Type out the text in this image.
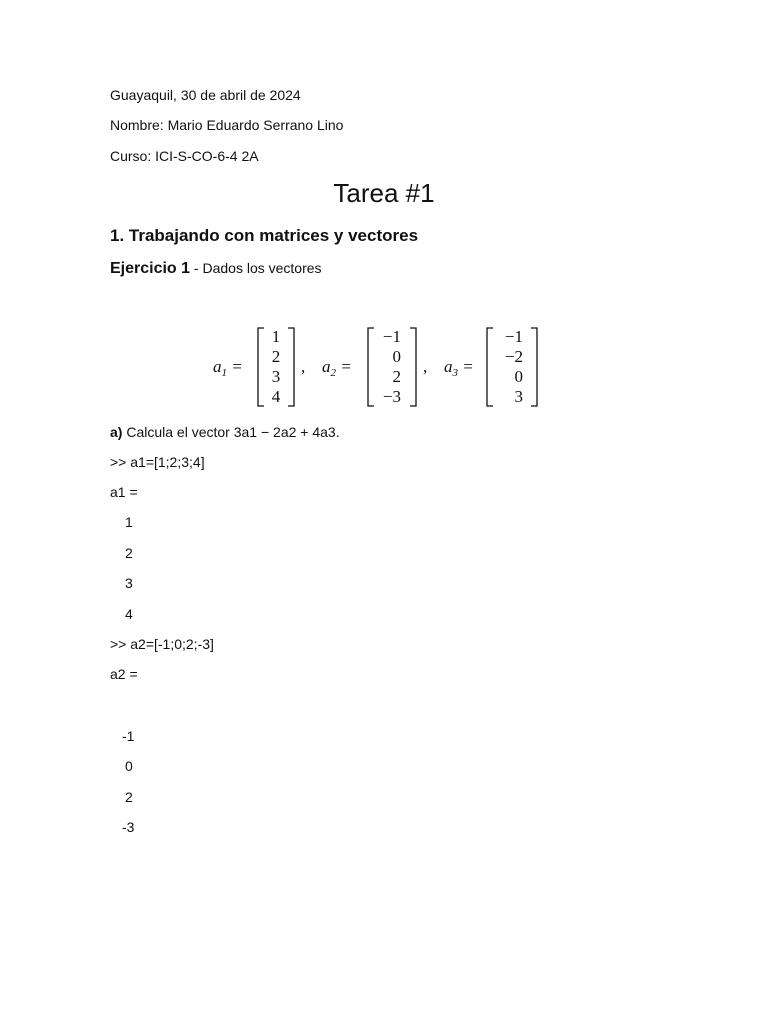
Guayaquil, 30 de abril de 2024
Nombre: Mario Eduardo Serrano Lino
Curso: ICI-S-CO-6-4 2A
Tarea #1
1. Trabajando con matrices y vectores
Ejercicio 1 - Dados los vectores
$a_1$ =
1
2
3
4
, $a_2$ =
−1
0
2
−3
, $a_3$ =
−1
−2
0
3
a) Calcula el vector 3a1 − 2a2 + 4a3.
>> a1=[1;2;3;4]
a1 =
1
2
3
4
>> a2=[-1;0;2;-3]
a2 =
-1
0
2
-3
